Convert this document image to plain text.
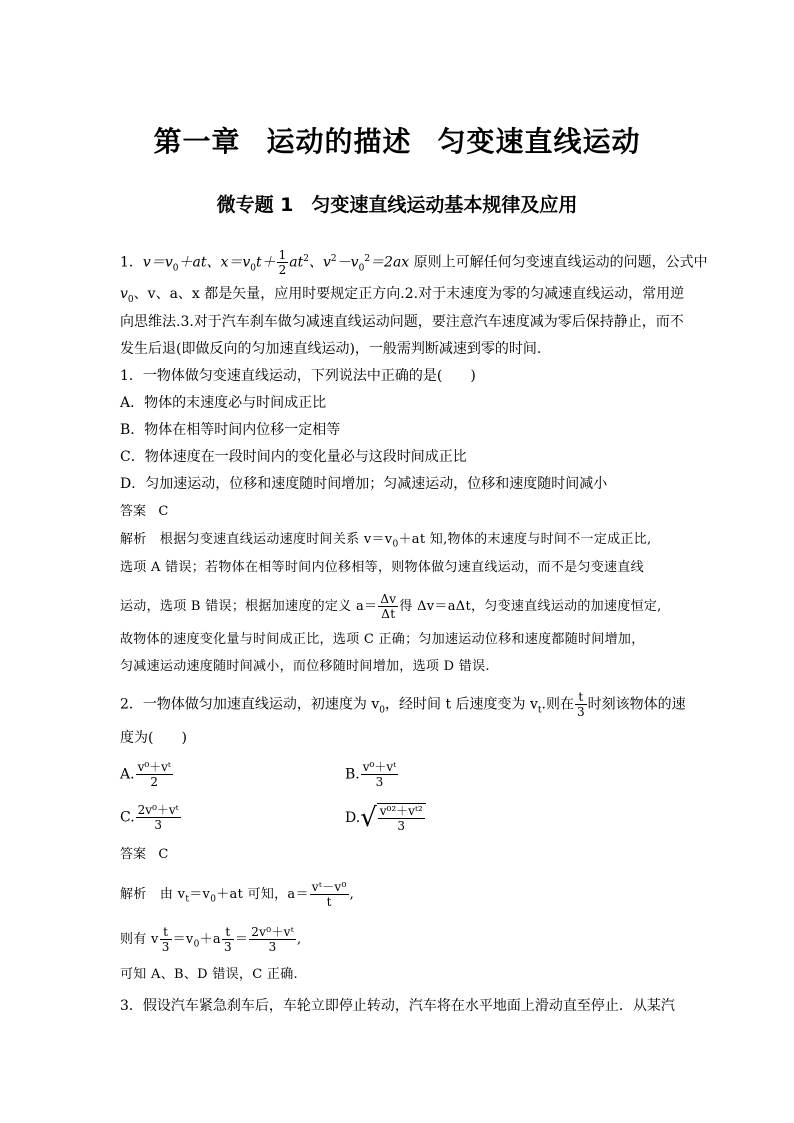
第一章 运动的描述 匀变速直线运动
微专题 1 匀变速直线运动基本规律及应用
1．$v=v_0+at$、$x=v_0t+ \frac{1}{2} at^2$、$v^2-v_0^2=2ax$ 原则上可解任何匀变速直线运动的问题，公式中
$v_0$、v、a、x 都是矢量，应用时要规定正方向.2.对于末速度为零的匀减速直线运动，常用逆
向思维法.3.对于汽车刹车做匀减速直线运动问题，要注意汽车速度减为零后保持静止，而不
发生后退(即做反向的匀加速直线运动)，一般需判断减速到零的时间.
1．一物体做匀变速直线运动，下列说法中正确的是(　　)
A．物体的末速度必与时间成正比
B．物体在相等时间内位移一定相等
C．物体速度在一段时间内的变化量必与这段时间成正比
D．匀加速运动，位移和速度随时间增加；匀减速运动，位移和速度随时间减小
答案 C
解析 根据匀变速直线运动速度时间关系 $v=v_0+at$ 知,物体的末速度与时间不一定成正比,
选项 A 错误；若物体在相等时间内位移相等，则物体做匀速直线运动，而不是匀变速直线
运动，选项 B 错误；根据加速度的定义 $a= \frac{\Delta v}{\Delta t}$ 得 Δv＝aΔt，匀变速直线运动的加速度恒定,
故物体的速度变化量与时间成正比，选项 C 正确；匀加速运动位移和速度都随时间增加，
匀减速运动速度随时间减小，而位移随时间增加，选项 D 错误.
2．一物体做匀加速直线运动，初速度为 $v_0$，经时间 t 后速度变为 $v_t$.则在 $\frac{t}{3}$ 时刻该物体的速
度为(　　)
A. $\frac{\text{v⁰＋vᵗ}}{2}$	B. $\frac{\text{v⁰＋vᵗ}}{3}$
C. $\frac{\text{2v⁰＋vᵗ}}{3}$	$D.√ \frac{\text{v⁰²＋vᵗ²}}{3}$
答案 C
解析 由 $v_t=v_0+at$ 可知，$a= \frac{\text{vᵗ－v⁰}}{t}$ ,
则有 v $\frac{t}{3} =v_0+a \frac{t}{3} = \frac{\text{2v⁰＋vᵗ}}{3}$ ,
可知 A、B、D 错误，C 正确.
3．假设汽车紧急刹车后，车轮立即停止转动，汽车将在水平地面上滑动直至停止．从某汽
